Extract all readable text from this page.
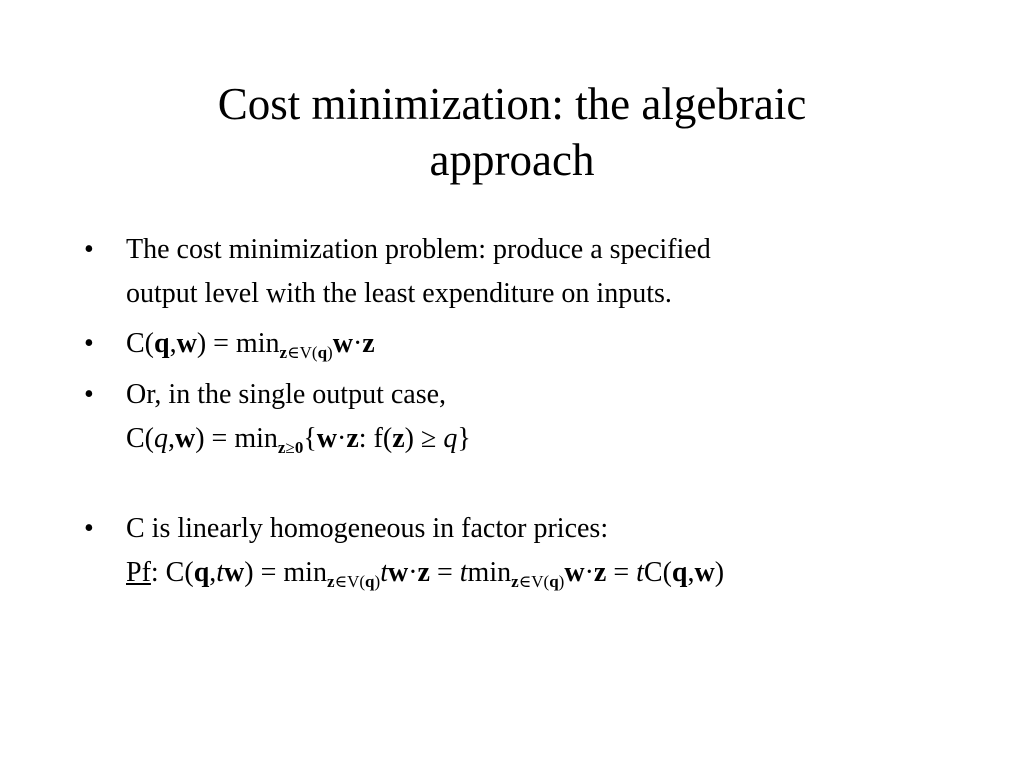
Cost minimization: the algebraic
approach
• The cost minimization problem: produce a specified
output level with the least expenditure on inputs.
• $C(q,w) = \min_{z\in V(q)}w\cdot z$
• Or, in the single output case,
$C(q,w) = \min_{z\ge 0}\{w\cdot z$: f(z) ≥ q}
• C is linearly homogeneous in factor prices:
Pf: $C(q,tw) = \min_{z\in V(q)}tw\cdot z = tmin_{z\in V(q)}w\cdot z = tC(q,w)$
